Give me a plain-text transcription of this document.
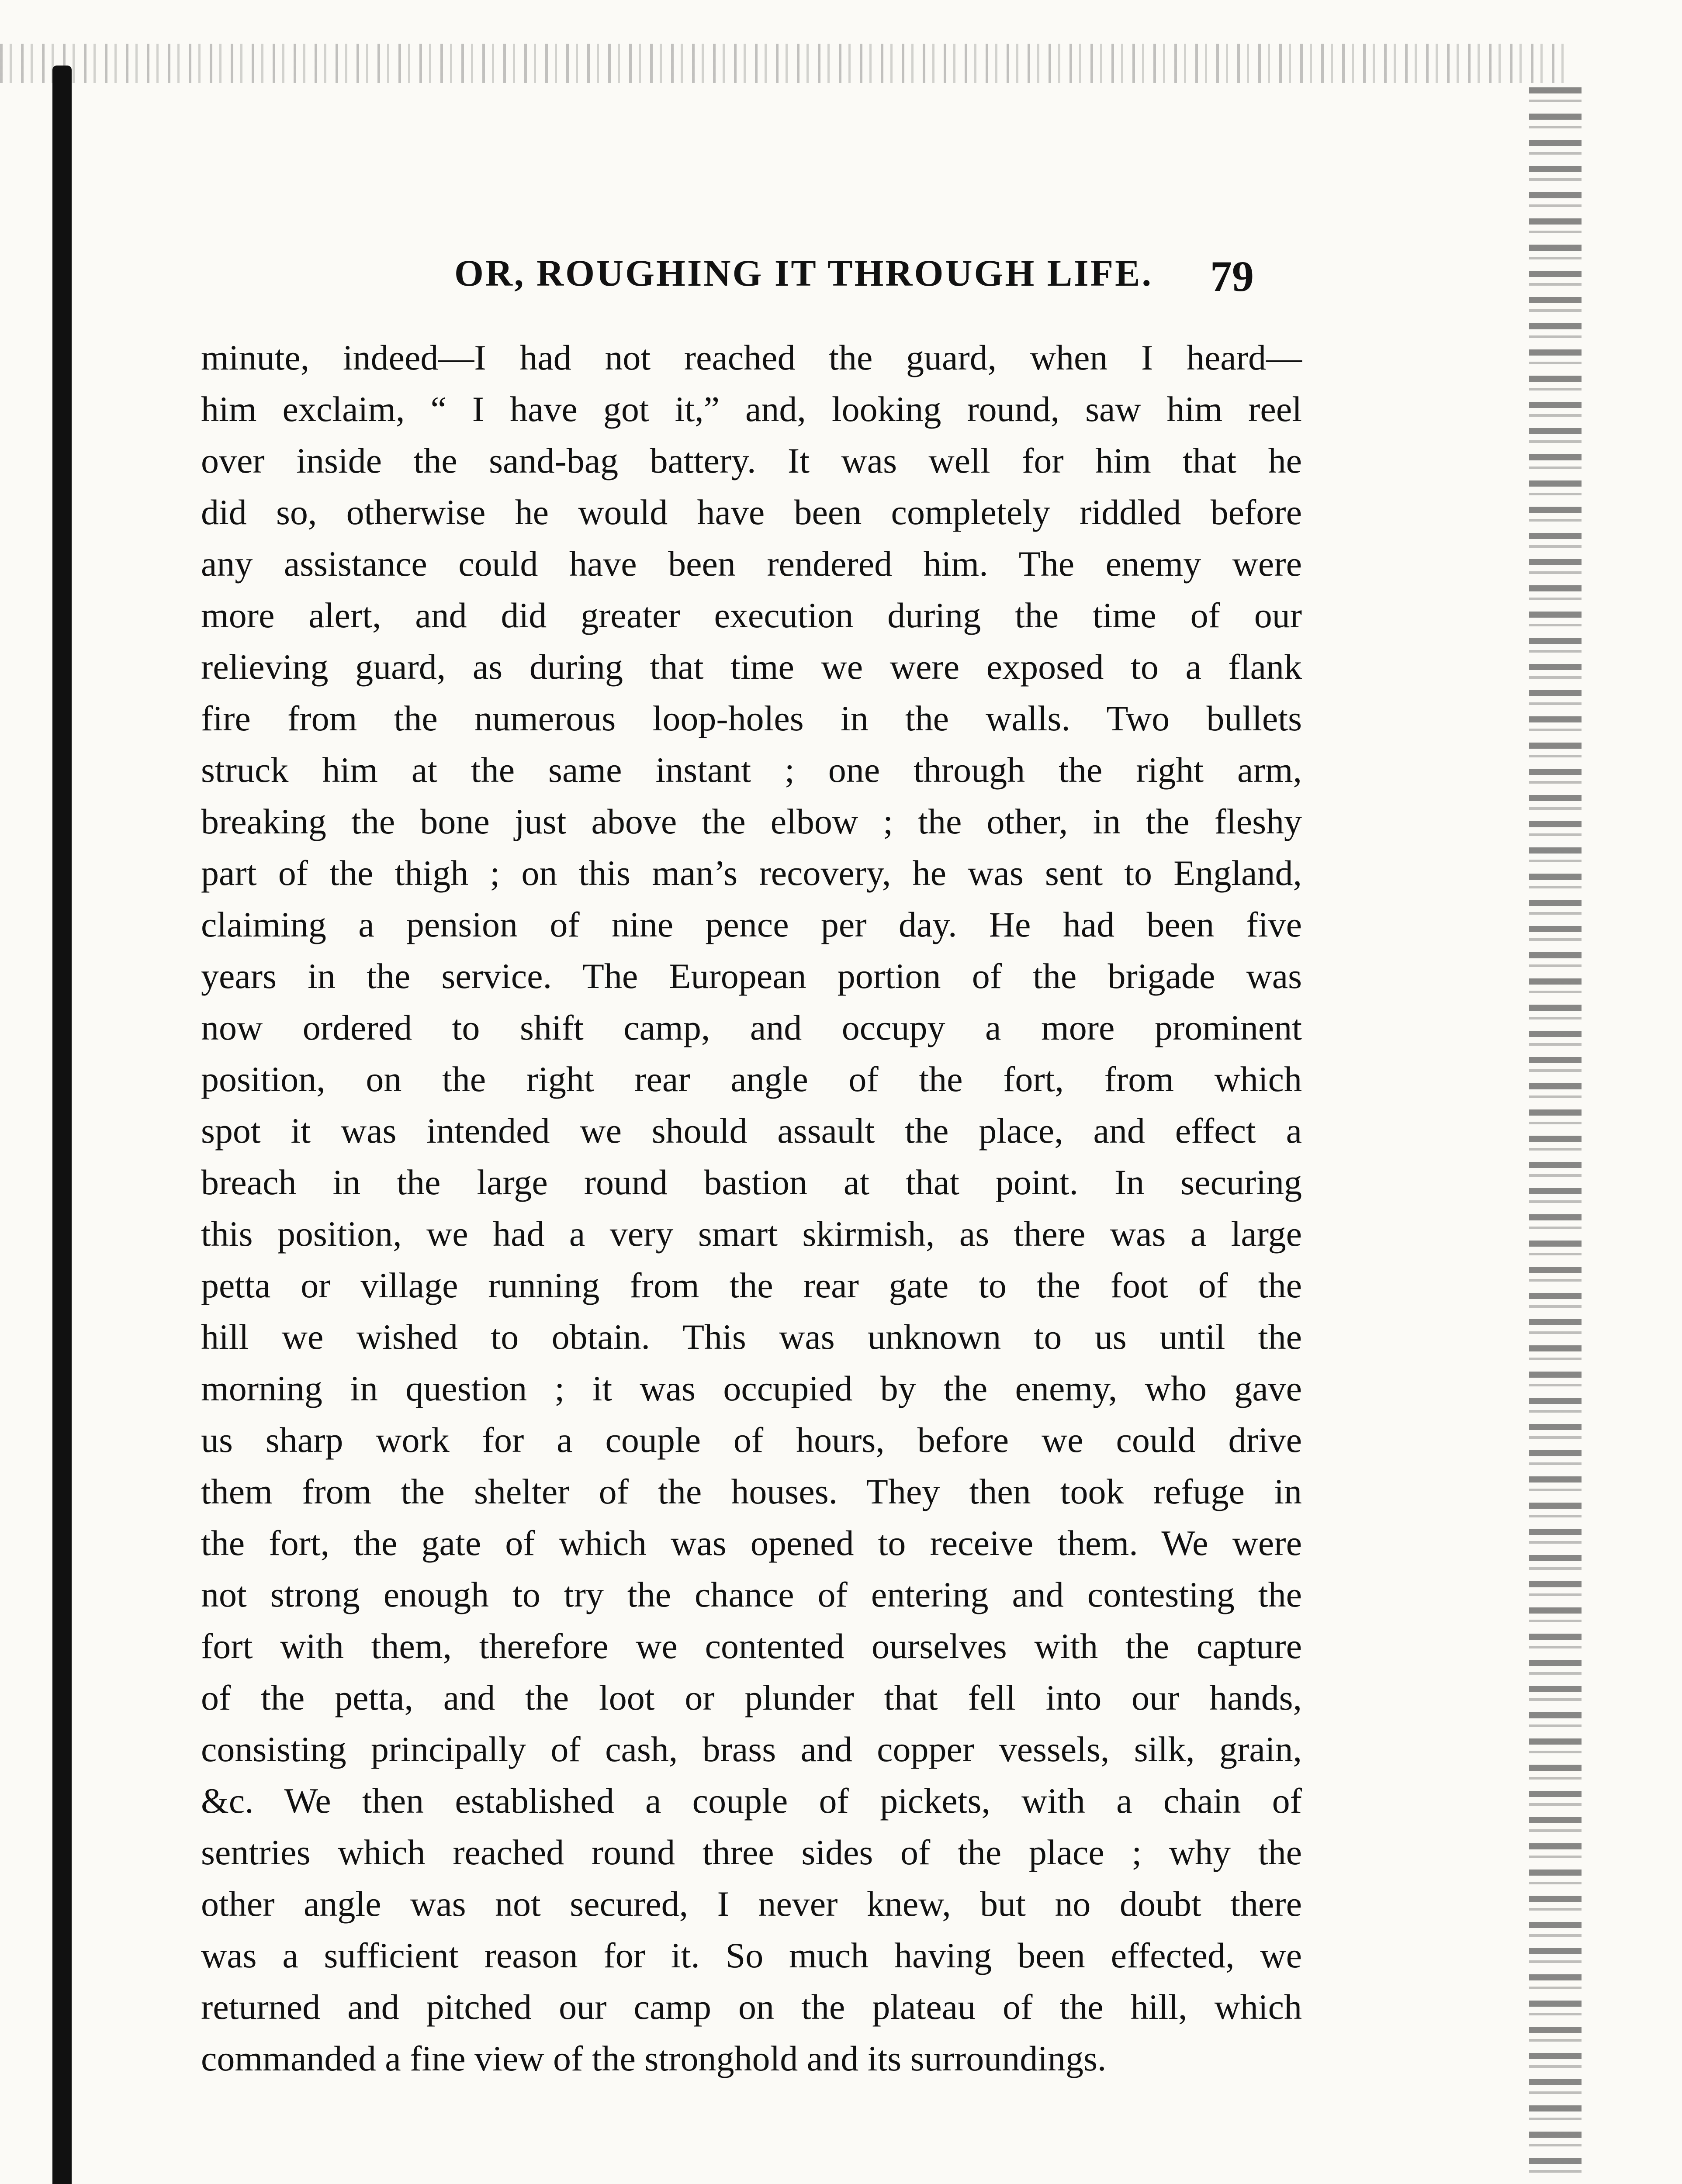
OR, ROUGHING IT THROUGH LIFE. 79
minute, indeed—I had not reached the guard, when I heard—
him exclaim, “ I have got it,” and, looking round, saw him reel
over inside the sand-bag battery. It was well for him that he
did so, otherwise he would have been completely riddled before
any assistance could have been rendered him. The enemy were
more alert, and did greater execution during the time of our
relieving guard, as during that time we were exposed to a flank
fire from the numerous loop-holes in the walls. Two bullets
struck him at the same instant ; one through the right arm,
breaking the bone just above the elbow ; the other, in the fleshy
part of the thigh ; on this man’s recovery, he was sent to England,
claiming a pension of nine pence per day. He had been five
years in the service. The European portion of the brigade was
now ordered to shift camp, and occupy a more prominent
position, on the right rear angle of the fort, from which
spot it was intended we should assault the place, and effect a
breach in the large round bastion at that point. In securing
this position, we had a very smart skirmish, as there was a large
petta or village running from the rear gate to the foot of the
hill we wished to obtain. This was unknown to us until the
morning in question ; it was occupied by the enemy, who gave
us sharp work for a couple of hours, before we could drive
them from the shelter of the houses. They then took refuge in
the fort, the gate of which was opened to receive them. We were
not strong enough to try the chance of entering and contesting the
fort with them, therefore we contented ourselves with the capture
of the petta, and the loot or plunder that fell into our hands,
consisting principally of cash, brass and copper vessels, silk, grain,
&c. We then established a couple of pickets, with a chain of
sentries which reached round three sides of the place ; why the
other angle was not secured, I never knew, but no doubt there
was a sufficient reason for it. So much having been effected, we
returned and pitched our camp on the plateau of the hill, which
commanded a fine view of the stronghold and its surroundings.
